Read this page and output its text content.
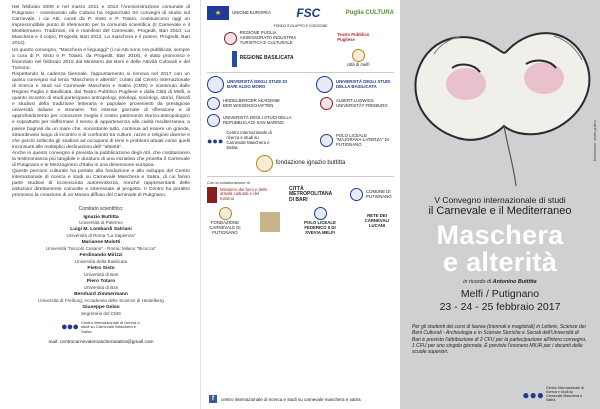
Nel febbraio 2009 e nel marzo 2011 e 2013 l'Amministrazione comunale di Putignano - Assessorato alla Cultura ha organizzato tre convegni di studio sul Carnevale, i cui Atti, curati da P. Sisto e P. Totaro, costituiscono oggi un imprescindibile punto di riferimento per la comunità scientifica (Il Carnevale e il Mediterraneo. Tradizioni, riti e manifesti del Carnevale, Progedit, Bari 2010; La Maschera e il corpo, Progedit, Bari 2012; La maschera e il potere, Progedit, Bari 2014).

Un quarto convegno, "Maschera e linguaggi" (i cui Atti sono ora pubblicati, sempre a cura di P. Sisto e P. Totaro, da Progedit, Bari 2016), è stato promosso e finanziato nel febbraio 2015 dal Ministero dei Beni e delle Attività Culturali e del Turismo.

Rispettando la cadenza biennale, l'appuntamento si rinnova nel 2017 con un quinto convegno sul tema "Maschera e alterità", curato dal Centro internazionale di ricerca e studi sul Carnevale Maschera e Satira (CMS) e sostenuto dalle Regioni Puglia e Basilicata, dal Teatro Pubblico Pugliese e dalla Città di Melfi, a quanto incontro di studi partecipano antropologi, etnologi, sociologi, storici, filosofi e studiosi della tradizione letteraria e popolare provenienti da prestigiose università italiane e straniere. Tre intense giornate di riflessione e di approfondimento per conoscere meglio il nostro patrimonio storico-antropologico e soprattutto per riaffermare il senso di appartenenza alla civiltà mediterranea, a paese bagnati da un mare che, nonostante tutto, continua ad essere un grande, straordinario luogo di incontro e di confronto tra culture, razze e religioni diverse e che perciò sollecita gli studiosi ad occuparsi di temi e problemi attuali come quelli inconsueti alle molteplici declinazioni dell' "alterità".

Anche in questo convegno è prevista la pubblicazione degli Atti, che costituiranno la testimonianza più tangibile e duratura di una iniziativa che proietta il Carnevale di Putignano e le Mezzogiorno d'Italia in una dimensione europea.

Queste percorsi culturale ha portato alla fondazione e allo sviluppo del Centro internazionale di ricerca e studi su Carnevale Maschera e Satira, di cui fanno parte studiosi di riconosciuta autorevolezza, nonché rappresentanti delle istituzioni direttamente coinvolte e interessate al progetto. Il Centro ha peraltro promosso la creazione di un Museo diffuso del Carnevale di Putignano.

Comitato scientifico:
Ignazio Buttitta
Università di Palermo
Luigi M. Lombardi Satriani
Università di Roma "La Sapienza"
Marianne Mulotti
Università "Niccolò Cusano" - Roma; Milano "Bicocca"
Ferdinando Mirizzi
Università della Basilicata
Pietro Sisto
Università di Bari
Piero Totaro
Università di Bari
Bernhard Zimmermann
Università di Freiburg, Accademia delle Scienze di Heidelberg
Giuseppe Gelao
Segretario del CMS
●●● Centro internazionale di ricerca e studi su Carnevale Maschera e Satira
mail: centrocarnevalemascherasatira@gmail.com
★	UNIONE EUROPEA FSC	Puglia CULTURA
FONDO SVILUPPO E COESIONE
REGIONE PUGLIA ASSESSORATO INDUSTRIA TURISTICA E CULTURALE
Teatro Pubblico Pugliese
REGIONE BASILICATA
città di melfi
UNIVERSITÀ DEGLI STUDI DI BARI ALDO MORO
UNIVERSITÀ DEGLI STUDI DELLA BASILICATA
HEIDELBERGER AKADEMIE DER WISSENSCHAFTEN
ALBERT-LUDWIGS UNIVERSITÄT FREIBURG
UNIVERSITÀ DEGLI STUDI DELLA REPUBBLICA DI SAN MARINO
●●●
Centro internazionale di ricerca e studi su Carnevale Maschera e Satira
POLO LICEALE "MAJORANA-LATERZA" DI PUTIGNANO
fondazione ignazio buttitta
Con la collaborazione di
Ministero dei beni e delle attività culturali e del turismo
CITTÀ METROPOLITANA DI BARI
COMUNE DI PUTIGNANO
FONDAZIONE CARNEVALE DI PUTIGNANO
POLO LICEALE FEDERICO II DI SVEVIA MELFI
RETE DEI CARNEVALI LUCANI
f	centro internazionale di ricerca e studi su carnevale maschera e satira
illustrazione: studio grafico
V Convegno internazionale di studi
il Carnevale e il Mediterraneo
Maschera
e alterità
in ricordo di Antonino Buttitta
Melfi / Putignano
23 - 24 - 25 febbraio 2017
Per gli studenti dei corsi di laurea (triennali e magistrali) in Lettere, Scienze dei Beni Culturali - Archeologia e in Scienze Storiche e Sociali dell'Università di Bari è previsto l'attribuzione di 2 CFU per la partecipazione all'intero convegno, 1 CFU per uno singolo giornata. È previsto l'esonero MIUR per i docenti delle scuole superiori.
●●● Centro internazionale di ricerca e studi su Carnevale Maschera e Satira
